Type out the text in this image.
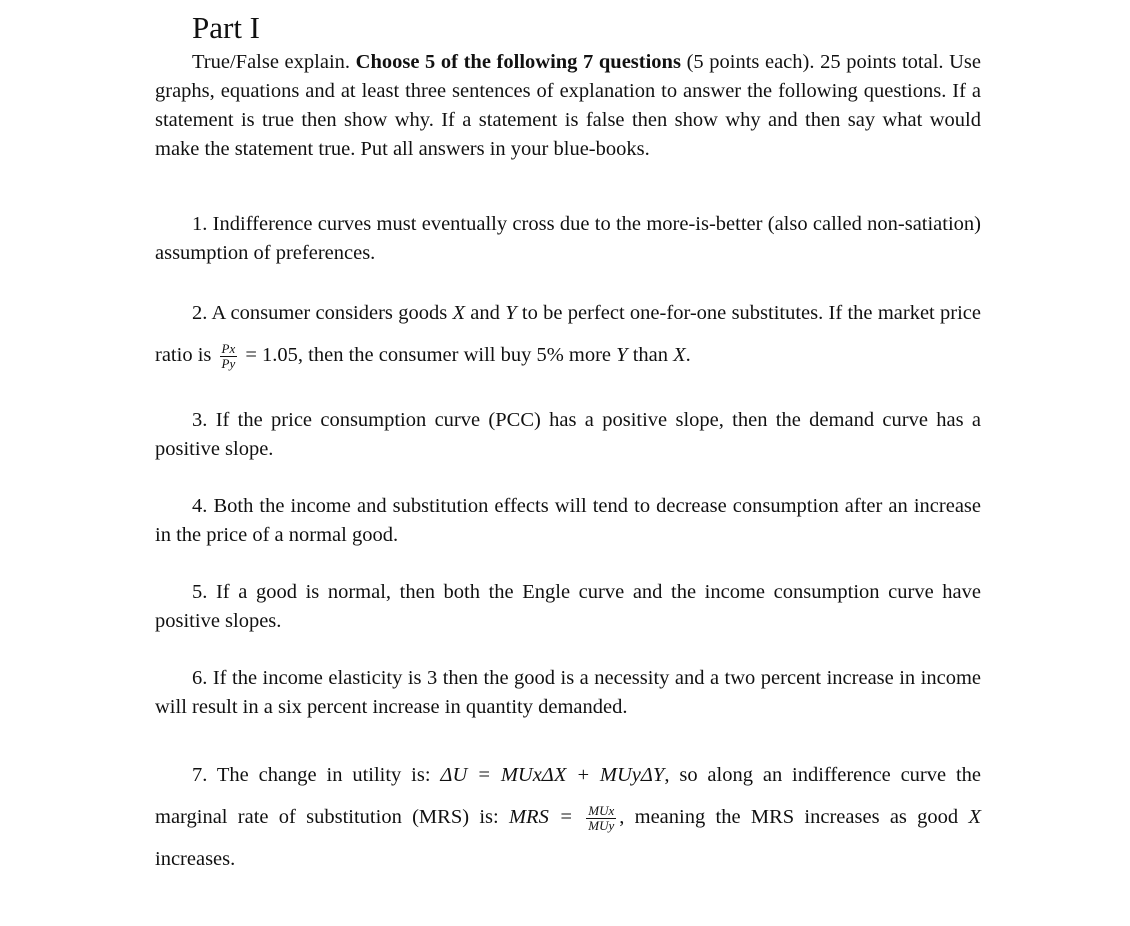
Part I

True/False explain. Choose 5 of the following 7 questions (5 points each). 25 points total. Use graphs, equations and at least three sentences of explanation to answer the following questions. If a statement is true then show why. If a statement is false then show why and then say what would make the statement true. Put all answers in your blue-books.

1. Indifference curves must eventually cross due to the more-is-better (also called non-satiation) assumption of preferences.

2. A consumer considers goods X and Y to be perfect one-for-one substitutes. If the market price ratio is $\frac{Px}{Py} = 1.05$, then the consumer will buy 5% more Y than X.

3. If the price consumption curve (PCC) has a positive slope, then the demand curve has a positive slope.

4. Both the income and substitution effects will tend to decrease consumption after an increase in the price of a normal good.

5. If a good is normal, then both the Engle curve and the income consumption curve have positive slopes.

6. If the income elasticity is 3 then the good is a necessity and a two percent increase in income will result in a six percent increase in quantity demanded.

7. The change in utility is: ΔU = MUxΔX + MUyΔY, so along an indifference curve the marginal rate of substitution (MRS) is: MRS = $\frac{\text{MUx}}{\text{MUy}}$ , meaning the MRS increases as good X increases.
